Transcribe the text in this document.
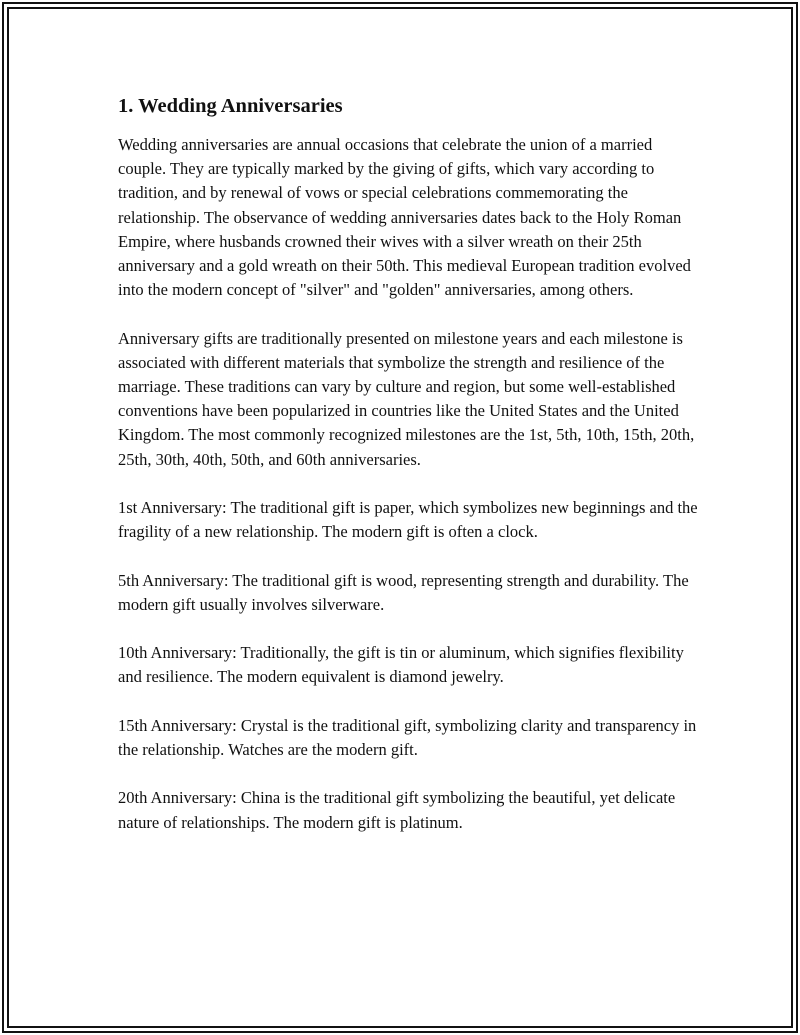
1. Wedding Anniversaries

Wedding anniversaries are annual occasions that celebrate the union of a married couple. They are typically marked by the giving of gifts, which vary according to tradition, and by renewal of vows or special celebrations commemorating the relationship. The observance of wedding anniversaries dates back to the Holy Roman Empire, where husbands crowned their wives with a silver wreath on their 25th anniversary and a gold wreath on their 50th. This medieval European tradition evolved into the modern concept of "silver" and "golden" anniversaries, among others.

Anniversary gifts are traditionally presented on milestone years and each milestone is associated with different materials that symbolize the strength and resilience of the marriage. These traditions can vary by culture and region, but some well-established conventions have been popularized in countries like the United States and the United Kingdom. The most commonly recognized milestones are the 1st, 5th, 10th, 15th, 20th, 25th, 30th, 40th, 50th, and 60th anniversaries.

1st Anniversary: The traditional gift is paper, which symbolizes new beginnings and the fragility of a new relationship. The modern gift is often a clock.

5th Anniversary: The traditional gift is wood, representing strength and durability. The modern gift usually involves silverware.

10th Anniversary: Traditionally, the gift is tin or aluminum, which signifies flexibility and resilience. The modern equivalent is diamond jewelry.

15th Anniversary: Crystal is the traditional gift, symbolizing clarity and transparency in the relationship. Watches are the modern gift.

20th Anniversary: China is the traditional gift symbolizing the beautiful, yet delicate nature of relationships. The modern gift is platinum.
